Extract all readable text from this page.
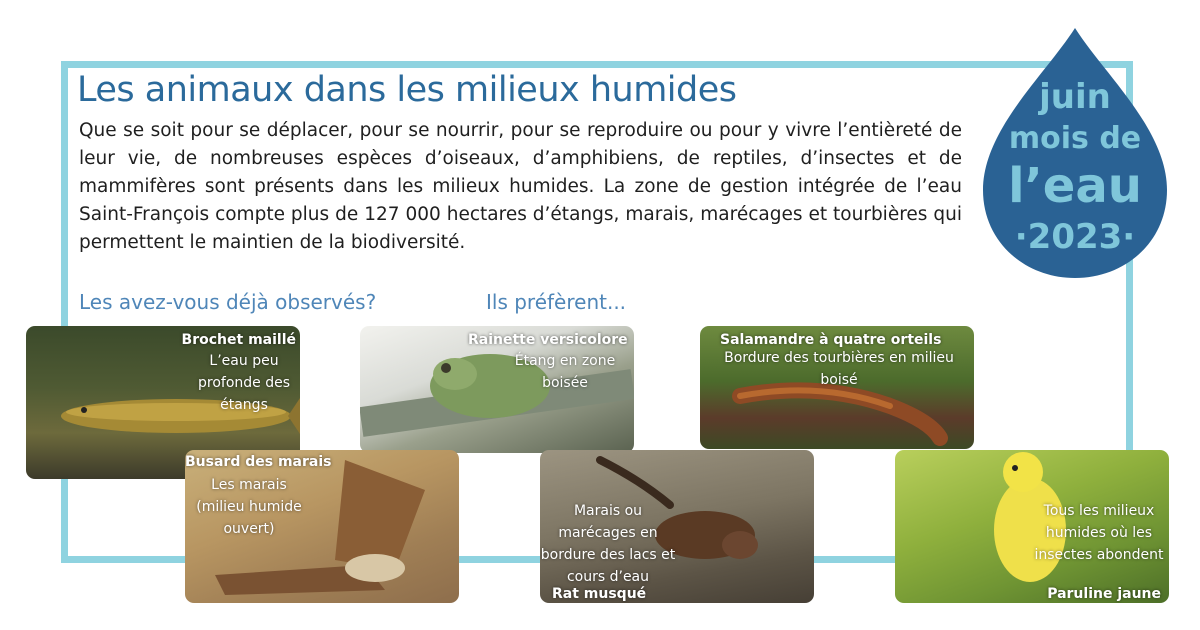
Les animaux dans les milieux humides

Que se soit pour se déplacer, pour se nourrir, pour se reproduire ou pour y vivre l’entièreté de leur vie, de nombreuses espèces d’oiseaux, d’amphibiens, de reptiles, d’insectes et de mammifères sont présents dans les milieux humides. La zone de gestion intégrée de l’eau Saint-François compte plus de 127 000 hectares d’étangs, marais, marécages et tourbières qui permettent le maintien de la biodiversité.

Les avez-vous déjà observés?	Ils préfèrent...
Brochet maillé
L’eau peu profonde des étangs
Rainette versicolore
Étang en zone boisée
Salamandre à quatre orteils
Bordure des tourbières en milieu boisé
Busard des marais
Les marais (milieu humide ouvert)
Marais ou marécages en bordure des lacs et cours d’eau
Rat musqué
Tous les milieux humides où les insectes abondent
Paruline jaune
juin
mois de
l’eau
·2023·
